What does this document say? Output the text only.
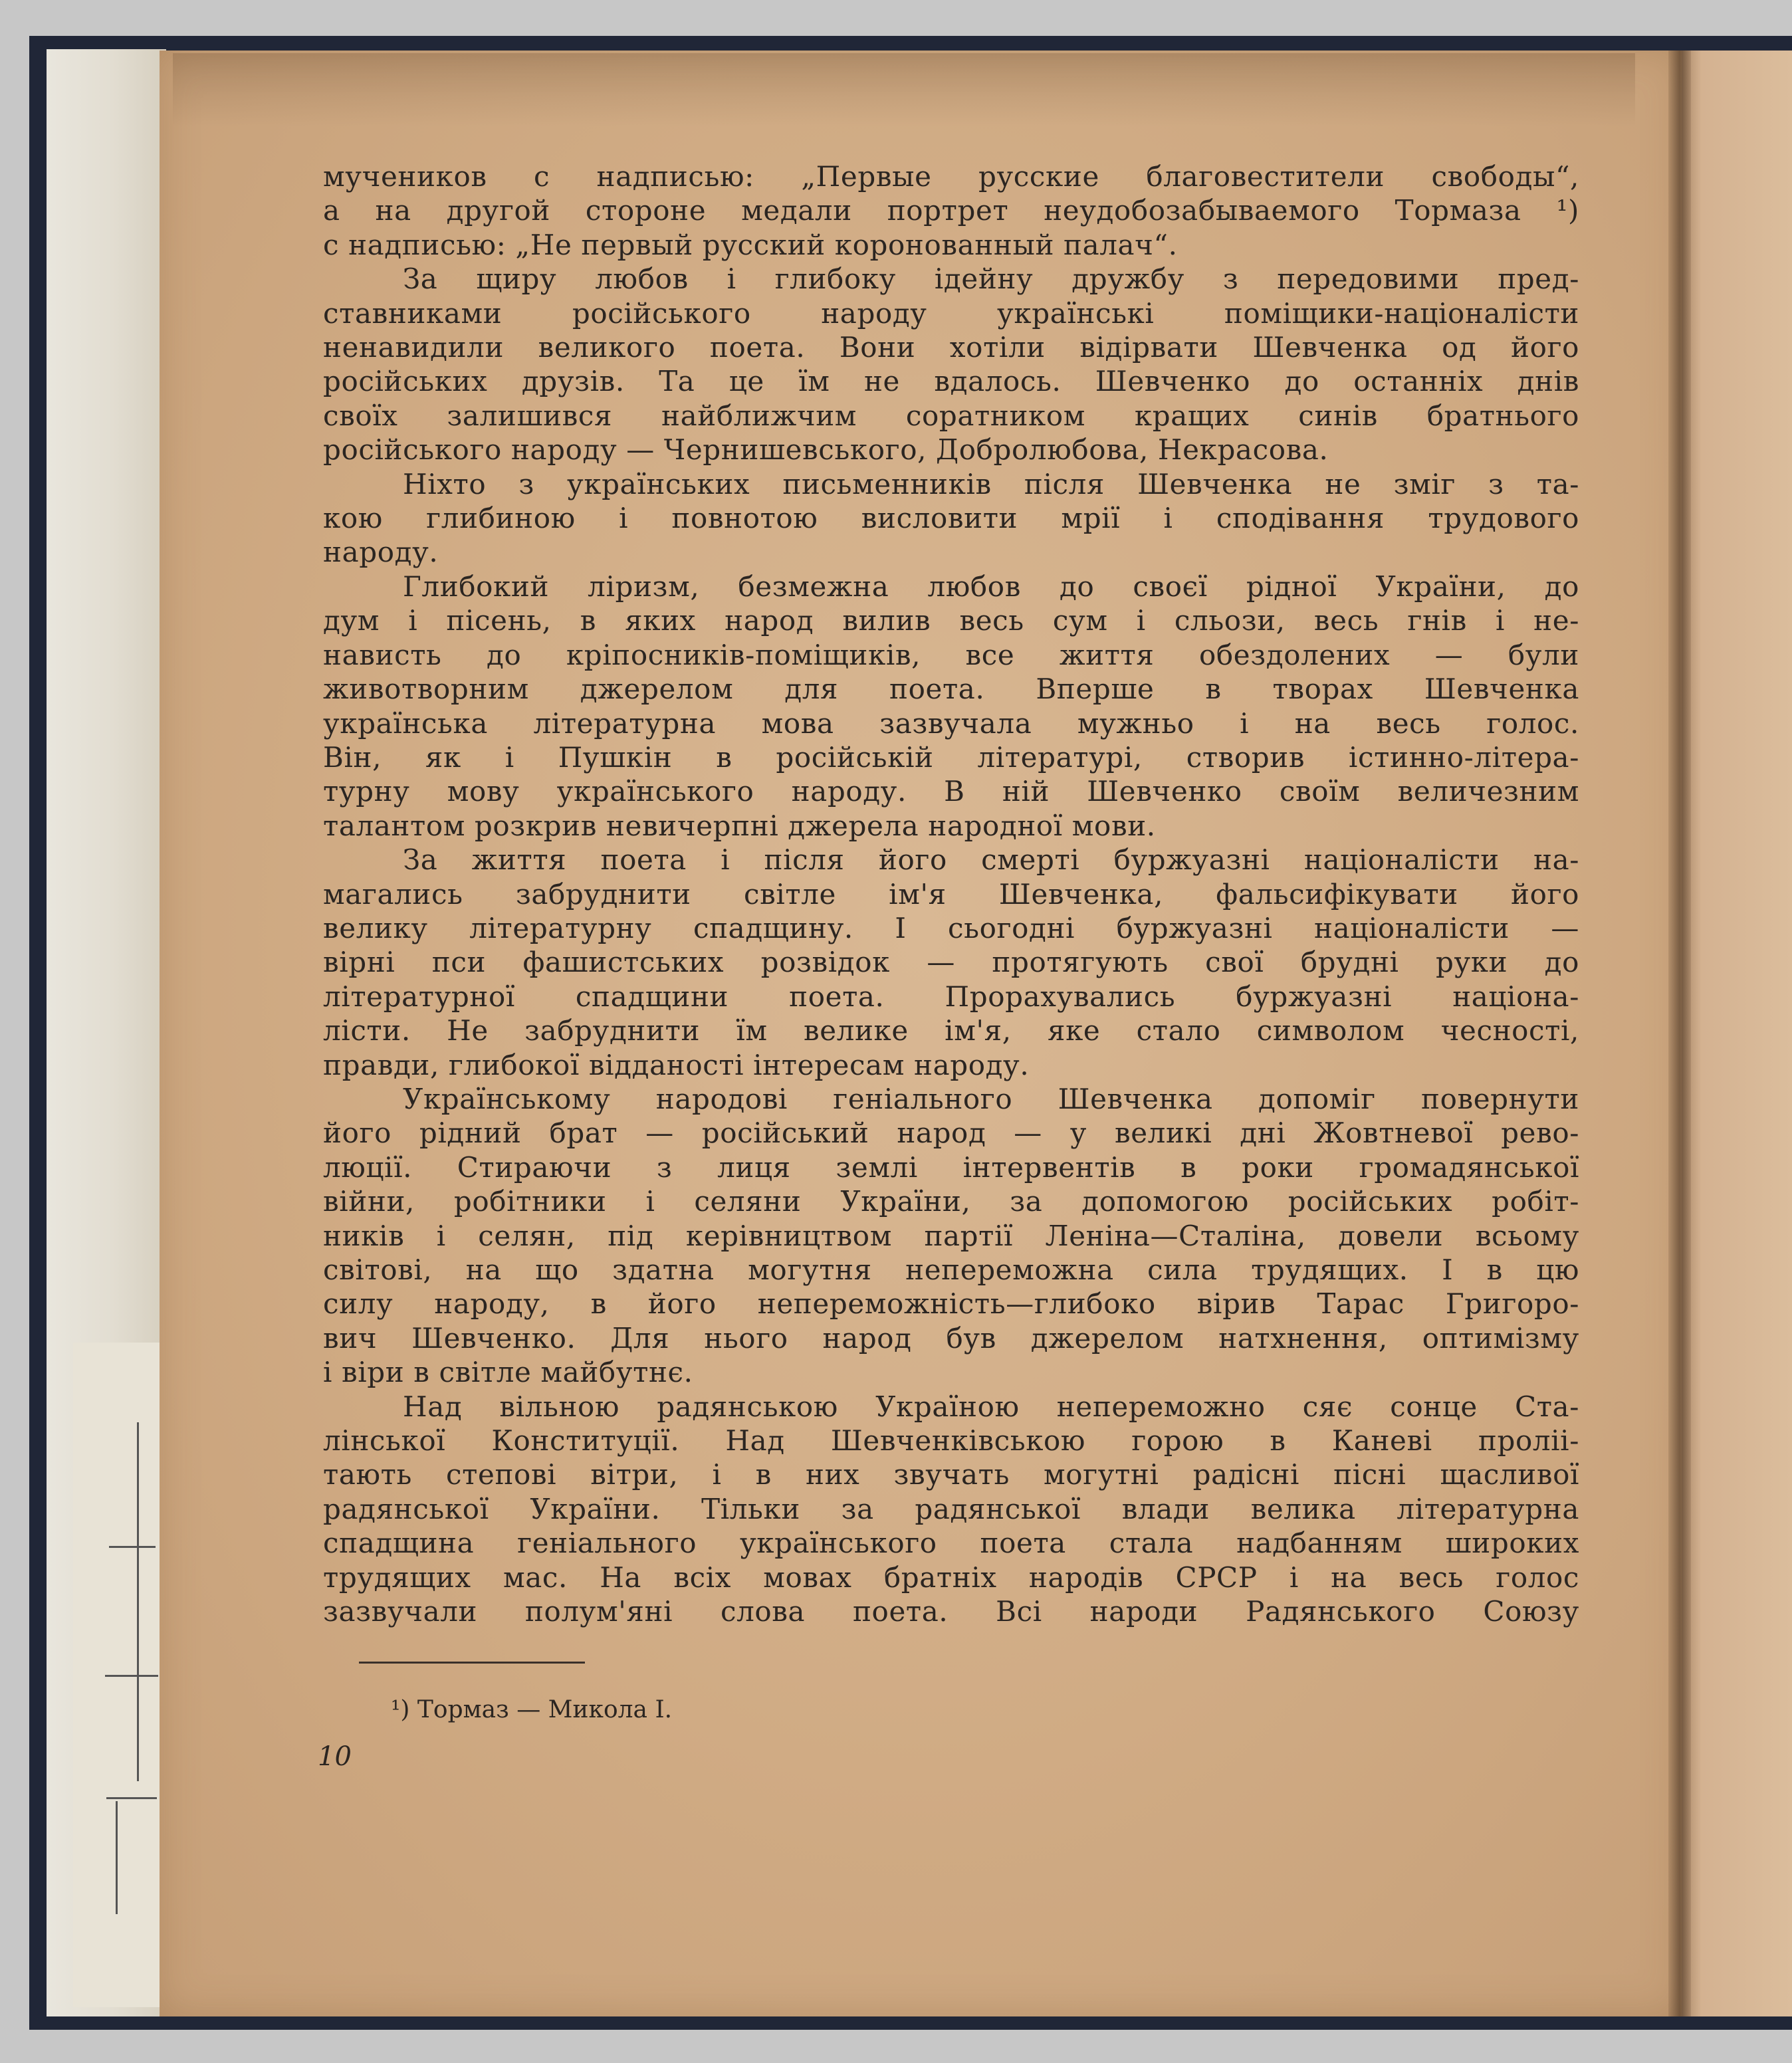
мучеников с надписью: „Первые русские благовестители свободы“,
а на другой стороне медали портрет неудобозабываемого Тормаза ¹)
с надписью: „Не первый русский коронованный палач“.
За щиру любов і глибоку ідейну дружбу з передовими пред-
ставниками російського народу українські поміщики-націоналісти
ненавидили великого поета. Вони хотіли відірвати Шевченка од його
російських друзів. Та це їм не вдалось. Шевченко до останніх днів
своїх залишився найближчим соратником кращих синів братнього
російського народу — Чернишевського, Добролюбова, Некрасова.
Ніхто з українських письменників після Шевченка не зміг з та-
кою глибиною і повнотою висловити мрії і сподівання трудового
народу.
Глибокий ліризм, безмежна любов до своєї рідної України, до
дум і пісень, в яких народ вилив весь сум і сльози, весь гнів і не-
нависть до кріпосників-поміщиків, все життя обездолених — були
животворним джерелом для поета. Вперше в творах Шевченка
українська літературна мова зазвучала мужньо і на весь голос.
Він, як і Пушкін в російській літературі, створив істинно-літера-
турну мову українського народу. В ній Шевченко своїм величезним
талантом розкрив невичерпні джерела народної мови.
За життя поета і після його смерті буржуазні націоналісти на-
магались забруднити світле ім'я Шевченка, фальсифікувати його
велику літературну спадщину. І сьогодні буржуазні націоналісти —
вірні пси фашистських розвідок — протягують свої брудні руки до
літературної спадщини поета. Прорахувались буржуазні націона-
лісти. Не забруднити їм велике ім'я, яке стало символом чесності,
правди, глибокої відданості інтересам народу.
Українському народові геніального Шевченка допоміг повернути
його рідний брат — російський народ — у великі дні Жовтневої рево-
люції. Стираючи з лиця землі інтервентів в роки громадянської
війни, робітники і селяни України, за допомогою російських робіт-
ників і селян, під керівництвом партії Леніна—Сталіна, довели всьому
світові, на що здатна могутня непереможна сила трудящих. І в цю
силу народу, в його непереможність—глибоко вірив Тарас Григоро-
вич Шевченко. Для нього народ був джерелом натхнення, оптимізму
і віри в світле майбутнє.
Над вільною радянською Україною непереможно сяє сонце Ста-
лінської Конституції. Над Шевченківською горою в Каневі проліі-
тають степові вітри, і в них звучать могутні радісні пісні щасливої
радянської України. Тільки за радянської влади велика літературна
спадщина геніального українського поета стала надбанням широких
трудящих мас. На всіх мовах братніх народів СРСР і на весь голос
зазвучали полум'яні слова поета. Всі народи Радянського Союзу
¹) Тормаз — Микола І.
10
